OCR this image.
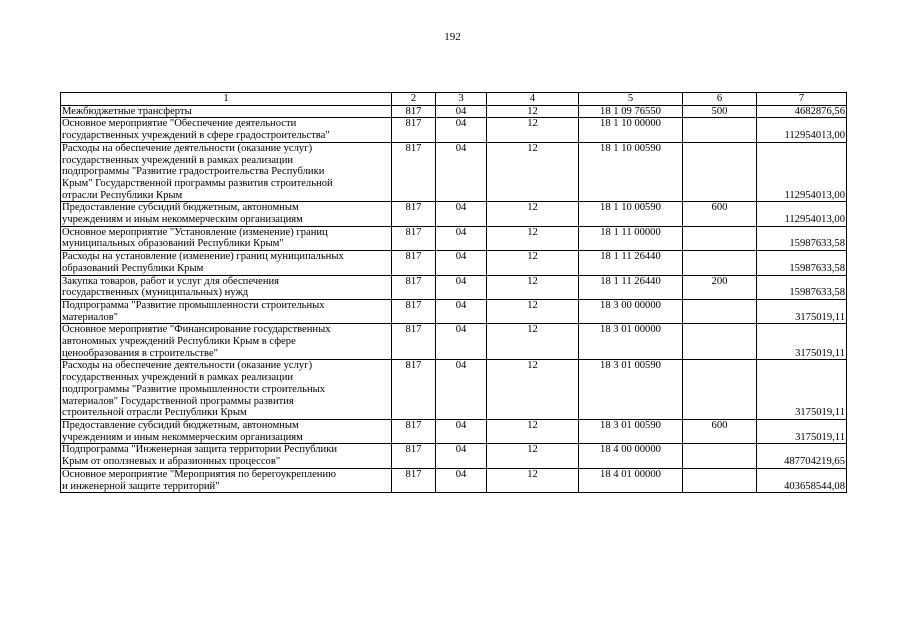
192
1	2	3	4	5	6	7

Межбюджетные трансферты	817	04	12	18 1 09 76550	500	4682876,56

Основное мероприятие "Обеспечение деятельности
государственных учреждений в сфере градостроительства"	817	04	12	18 1 10 00000		112954013,00

Расходы на обеспечение деятельности (оказание услуг)
государственных учреждений в рамках реализации
подпрограммы "Развитие градостроительства Республики
Крым" Государственной программы развития строительной
отрасли Республики Крым	817	04	12	18 1 10 00590		112954013,00

Предоставление субсидий бюджетным, автономным
учреждениям и иным некоммерческим организациям	817	04	12	18 1 10 00590	600	112954013,00

Основное мероприятие "Установление (изменение) границ
муниципальных образований Республики Крым"	817	04	12	18 1 11 00000		15987633,58

Расходы на установление (изменение) границ муниципальных
образований Республики Крым	817	04	12	18 1 11 26440		15987633,58

Закупка товаров, работ и услуг для обеспечения
государственных (муниципальных) нужд	817	04	12	18 1 11 26440	200	15987633,58

Подпрограмма "Развитие промышленности строительных
материалов"	817	04	12	18 3 00 00000		3175019,11

Основное мероприятие "Финансирование государственных
автономных учреждений Республики Крым в сфере
ценообразования в строительстве"	817	04	12	18 3 01 00000		3175019,11

Расходы на обеспечение деятельности (оказание услуг)
государственных учреждений в рамках реализации
подпрограммы "Развитие промышленности строительных
материалов" Государственной программы развития
строительной отрасли Республики Крым	817	04	12	18 3 01 00590		3175019,11

Предоставление субсидий бюджетным, автономным
учреждениям и иным некоммерческим организациям	817	04	12	18 3 01 00590	600	3175019,11

Подпрограмма "Инженерная защита территории Республики
Крым от оползневых и абразионных процессов"	817	04	12	18 4 00 00000		487704219,65

Основное мероприятие "Мероприятия по берегоукреплению
и инженерной защите территорий"	817	04	12	18 4 01 00000		403658544,08
